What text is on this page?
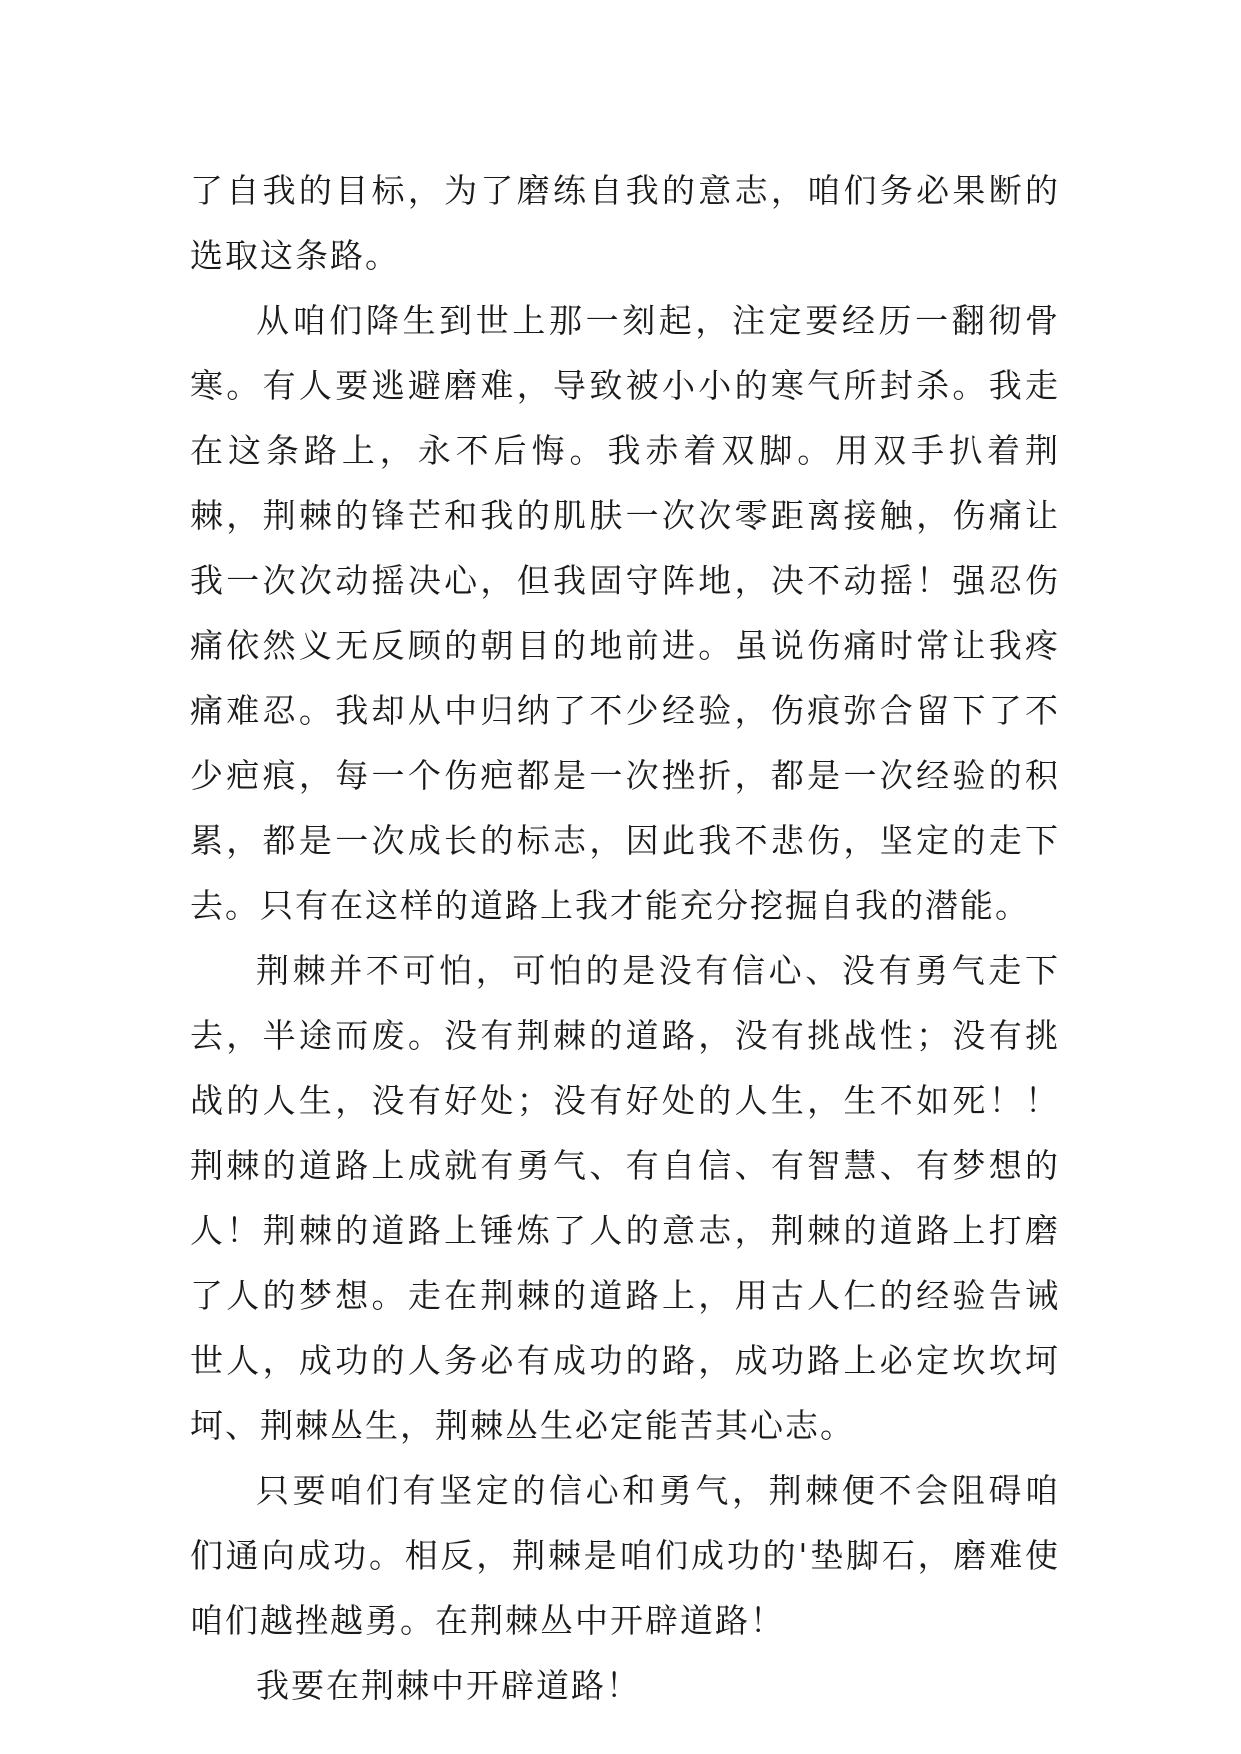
了自我的目标，为了磨练自我的意志，咱们务必果断的选取这条路。

从咱们降生到世上那一刻起，注定要经历一翻彻骨寒。有人要逃避磨难，导致被小小的寒气所封杀。我走在这条路上，永不后悔。我赤着双脚。用双手扒着荆棘，荆棘的锋芒和我的肌肤一次次零距离接触，伤痛让我一次次动摇决心，但我固守阵地，决不动摇！强忍伤痛依然义无反顾的朝目的地前进。虽说伤痛时常让我疼痛难忍。我却从中归纳了不少经验，伤痕弥合留下了不少疤痕，每一个伤疤都是一次挫折，都是一次经验的积累，都是一次成长的标志，因此我不悲伤，坚定的走下去。只有在这样的道路上我才能充分挖掘自我的潜能。

荆棘并不可怕，可怕的是没有信心、没有勇气走下去，半途而废。没有荆棘的道路，没有挑战性；没有挑战的人生，没有好处；没有好处的人生，生不如死！！荆棘的道路上成就有勇气、有自信、有智慧、有梦想的人！荆棘的道路上锤炼了人的意志，荆棘的道路上打磨了人的梦想。走在荆棘的道路上，用古人仁的经验告诫世人，成功的人务必有成功的路，成功路上必定坎坎坷坷、荆棘丛生，荆棘丛生必定能苦其心志。

只要咱们有坚定的信心和勇气，荆棘便不会阻碍咱们通向成功。相反，荆棘是咱们成功的'垫脚石，磨难使咱们越挫越勇。在荆棘丛中开辟道路！

我要在荆棘中开辟道路！
